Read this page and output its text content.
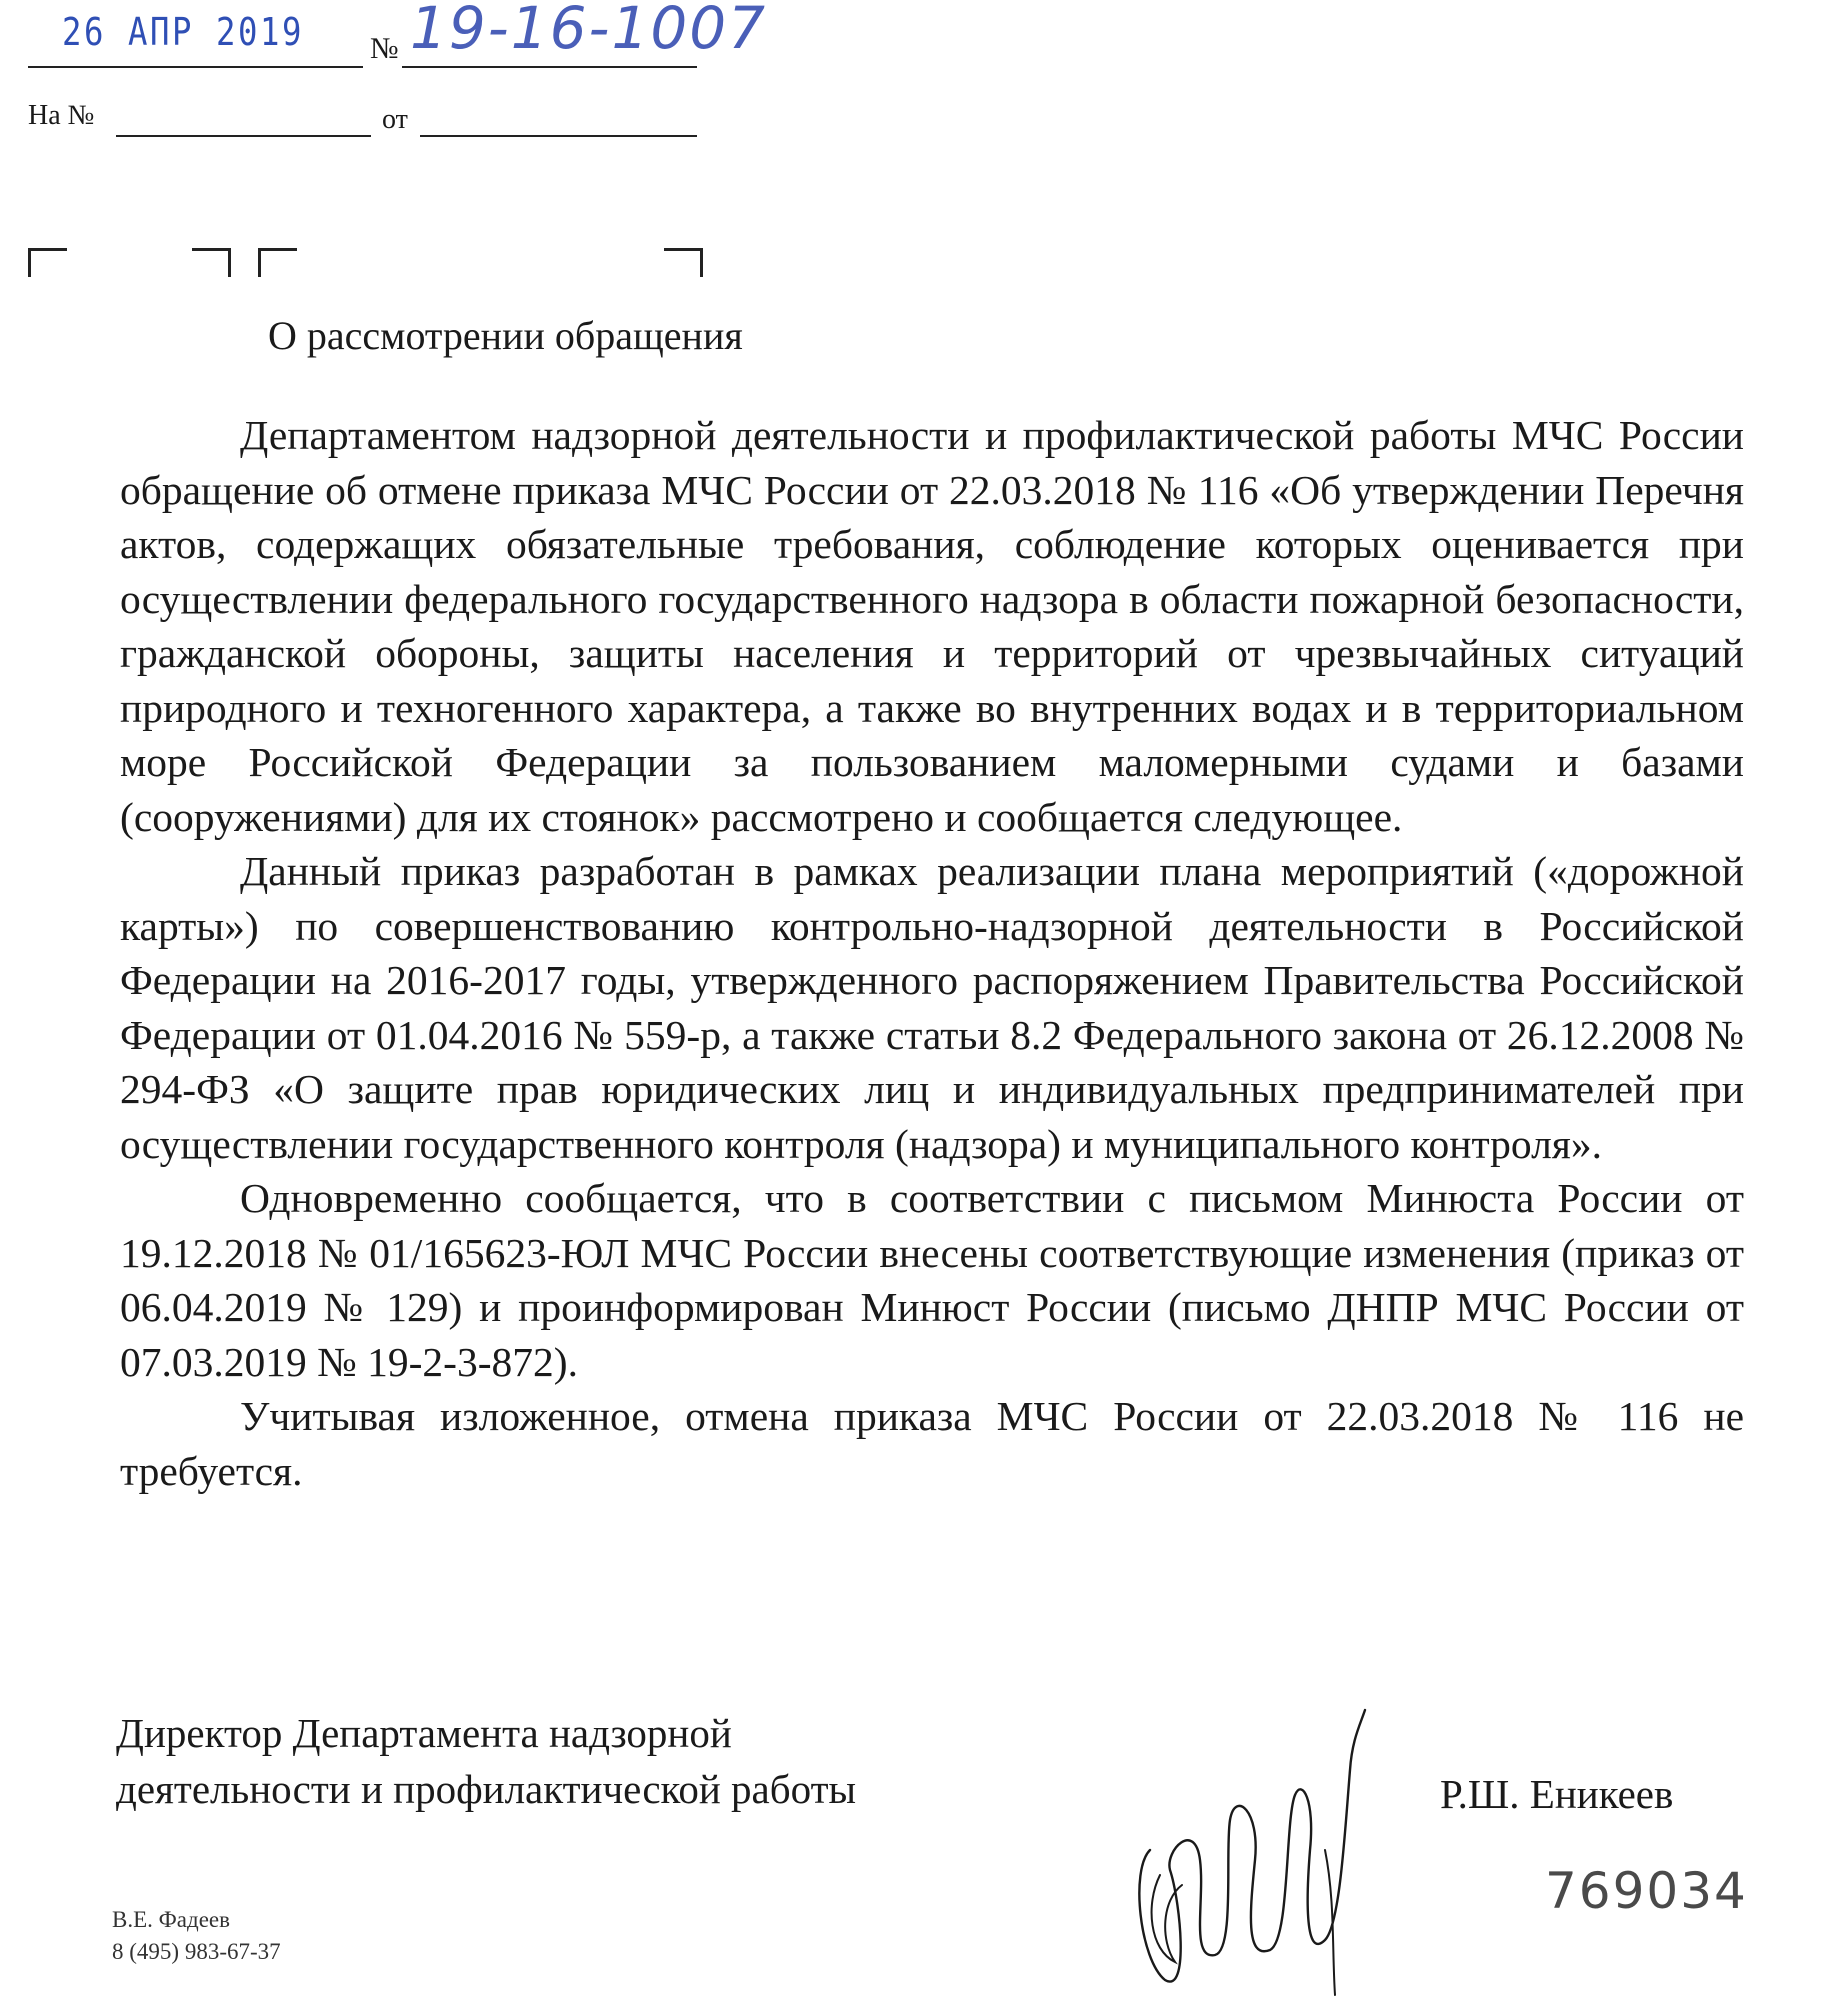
26 АПР 2019 № 19-16-1007
На №	от
О рассмотрении обращения

Департаментом надзорной деятельности и профилактической работы МЧС России обращение об отмене приказа МЧС России от 22.03.2018 № 116 «Об утверждении Перечня актов, содержащих обязательные требования, соблюдение которых оценивается при осуществлении федерального государственного надзора в области пожарной безопасности, гражданской обороны, защиты населения и территорий от чрезвычайных ситуаций природного и техногенного характера, а также во внутренних водах и в территориальном море Российской Федерации за пользованием маломерными судами и базами (сооружениями) для их стоянок» рассмотрено и сообщается следующее.

Данный приказ разработан в рамках реализации плана мероприятий («дорожной карты») по совершенствованию контрольно-надзорной деятельности в Российской Федерации на 2016-2017 годы, утвержденного распоряжением Правительства Российской Федерации от 01.04.2016 № 559-р, а также статьи 8.2 Федерального закона от 26.12.2008 № 294-ФЗ «О защите прав юридических лиц и индивидуальных предпринимателей при осуществлении государственного контроля (надзора) и муниципального контроля».

Одновременно сообщается, что в соответствии с письмом Минюста России от 19.12.2018 № 01/165623-ЮЛ МЧС России внесены соответствующие изменения (приказ от 06.04.2019 № 129) и проинформирован Минюст России (письмо ДНПР МЧС России от 07.03.2019 № 19-2-3-872).

Учитывая изложенное, отмена приказа МЧС России от 22.03.2018 № 116 не требуется.

Директор Департамента надзорной
деятельности и профилактической работы	Р.Ш. Еникеев
769034
В.Е. Фадеев
8 (495) 983-67-37
